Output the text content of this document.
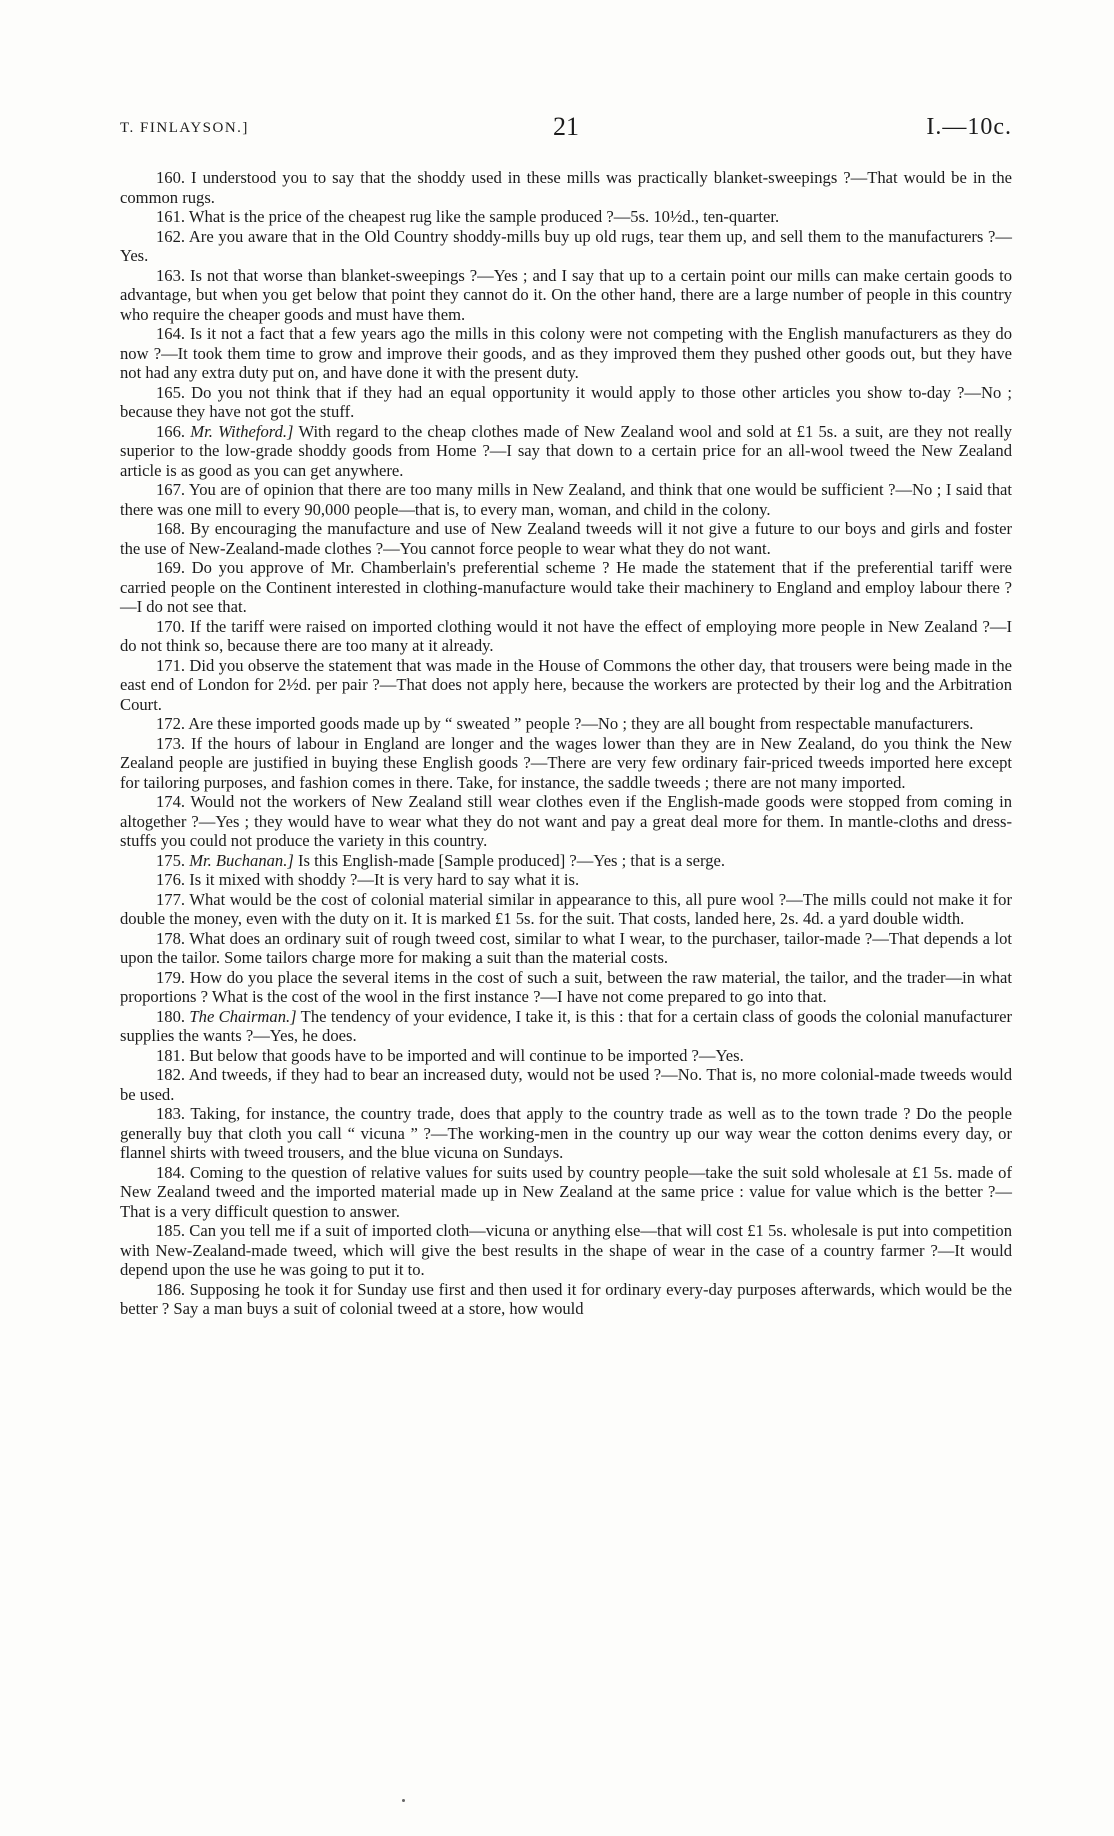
T. FINLAYSON.]	21	I.—10c.

160. I understood you to say that the shoddy used in these mills was practically blanket-sweepings ?—That would be in the common rugs.

161. What is the price of the cheapest rug like the sample produced ?—5s. 10½d., ten-quarter.

162. Are you aware that in the Old Country shoddy-mills buy up old rugs, tear them up, and sell them to the manufacturers ?—Yes.

163. Is not that worse than blanket-sweepings ?—Yes ; and I say that up to a certain point our mills can make certain goods to advantage, but when you get below that point they cannot do it. On the other hand, there are a large number of people in this country who require the cheaper goods and must have them.

164. Is it not a fact that a few years ago the mills in this colony were not competing with the English manufacturers as they do now ?—It took them time to grow and improve their goods, and as they improved them they pushed other goods out, but they have not had any extra duty put on, and have done it with the present duty.

165. Do you not think that if they had an equal opportunity it would apply to those other articles you show to-day ?—No ; because they have not got the stuff.

166. Mr. Witheford.] With regard to the cheap clothes made of New Zealand wool and sold at £1 5s. a suit, are they not really superior to the low-grade shoddy goods from Home ?—I say that down to a certain price for an all-wool tweed the New Zealand article is as good as you can get anywhere.

167. You are of opinion that there are too many mills in New Zealand, and think that one would be sufficient ?—No ; I said that there was one mill to every 90,000 people—that is, to every man, woman, and child in the colony.

168. By encouraging the manufacture and use of New Zealand tweeds will it not give a future to our boys and girls and foster the use of New-Zealand-made clothes ?—You cannot force people to wear what they do not want.

169. Do you approve of Mr. Chamberlain's preferential scheme ? He made the statement that if the preferential tariff were carried people on the Continent interested in clothing-manufacture would take their machinery to England and employ labour there ?—I do not see that.

170. If the tariff were raised on imported clothing would it not have the effect of employing more people in New Zealand ?—I do not think so, because there are too many at it already.

171. Did you observe the statement that was made in the House of Commons the other day, that trousers were being made in the east end of London for 2½d. per pair ?—That does not apply here, because the workers are protected by their log and the Arbitration Court.

172. Are these imported goods made up by “ sweated ” people ?—No ; they are all bought from respectable manufacturers.

173. If the hours of labour in England are longer and the wages lower than they are in New Zealand, do you think the New Zealand people are justified in buying these English goods ?—There are very few ordinary fair-priced tweeds imported here except for tailoring purposes, and fashion comes in there. Take, for instance, the saddle tweeds ; there are not many imported.

174. Would not the workers of New Zealand still wear clothes even if the English-made goods were stopped from coming in altogether ?—Yes ; they would have to wear what they do not want and pay a great deal more for them. In mantle-cloths and dress-stuffs you could not produce the variety in this country.

175. Mr. Buchanan.] Is this English-made [Sample produced] ?—Yes ; that is a serge.

176. Is it mixed with shoddy ?—It is very hard to say what it is.

177. What would be the cost of colonial material similar in appearance to this, all pure wool ?—The mills could not make it for double the money, even with the duty on it. It is marked £1 5s. for the suit. That costs, landed here, 2s. 4d. a yard double width.

178. What does an ordinary suit of rough tweed cost, similar to what I wear, to the purchaser, tailor-made ?—That depends a lot upon the tailor. Some tailors charge more for making a suit than the material costs.

179. How do you place the several items in the cost of such a suit, between the raw material, the tailor, and the trader—in what proportions ? What is the cost of the wool in the first instance ?—I have not come prepared to go into that.

180. The Chairman.] The tendency of your evidence, I take it, is this : that for a certain class of goods the colonial manufacturer supplies the wants ?—Yes, he does.

181. But below that goods have to be imported and will continue to be imported ?—Yes.

182. And tweeds, if they had to bear an increased duty, would not be used ?—No. That is, no more colonial-made tweeds would be used.

183. Taking, for instance, the country trade, does that apply to the country trade as well as to the town trade ? Do the people generally buy that cloth you call “ vicuna ” ?—The working-men in the country up our way wear the cotton denims every day, or flannel shirts with tweed trousers, and the blue vicuna on Sundays.

184. Coming to the question of relative values for suits used by country people—take the suit sold wholesale at £1 5s. made of New Zealand tweed and the imported material made up in New Zealand at the same price : value for value which is the better ?—That is a very difficult question to answer.

185. Can you tell me if a suit of imported cloth—vicuna or anything else—that will cost £1 5s. wholesale is put into competition with New-Zealand-made tweed, which will give the best results in the shape of wear in the case of a country farmer ?—It would depend upon the use he was going to put it to.

186. Supposing he took it for Sunday use first and then used it for ordinary every-day purposes afterwards, which would be the better ? Say a man buys a suit of colonial tweed at a store, how would
